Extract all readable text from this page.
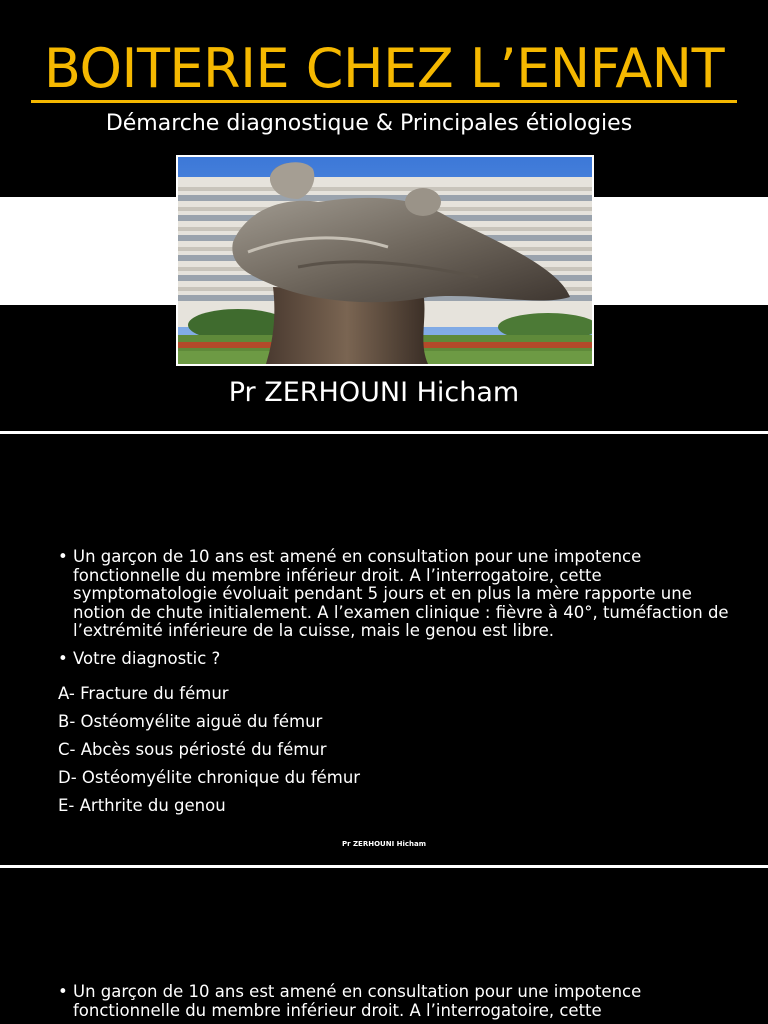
BOITERIE CHEZ L’ENFANT
Démarche diagnostique & Principales étiologies
Pr ZERHOUNI Hicham
• Un garçon de 10 ans est amené en consultation pour une impotence fonctionnelle du membre inférieur droit. A l’interrogatoire, cette symptomatologie évoluait pendant 5 jours et en plus la mère rapporte une notion de chute initialement. A l’examen clinique : fièvre à 40°, tuméfaction de l’extrémité inférieure de la cuisse, mais le genou est libre.
• Votre diagnostic ?
A- Fracture du fémur
B- Ostéomyélite aiguë du fémur
C- Abcès sous périosté du fémur
D- Ostéomyélite chronique du fémur
E- Arthrite du genou
Pr ZERHOUNI Hicham
• Un garçon de 10 ans est amené en consultation pour une impotence
fonctionnelle du membre inférieur droit. A l’interrogatoire, cette
